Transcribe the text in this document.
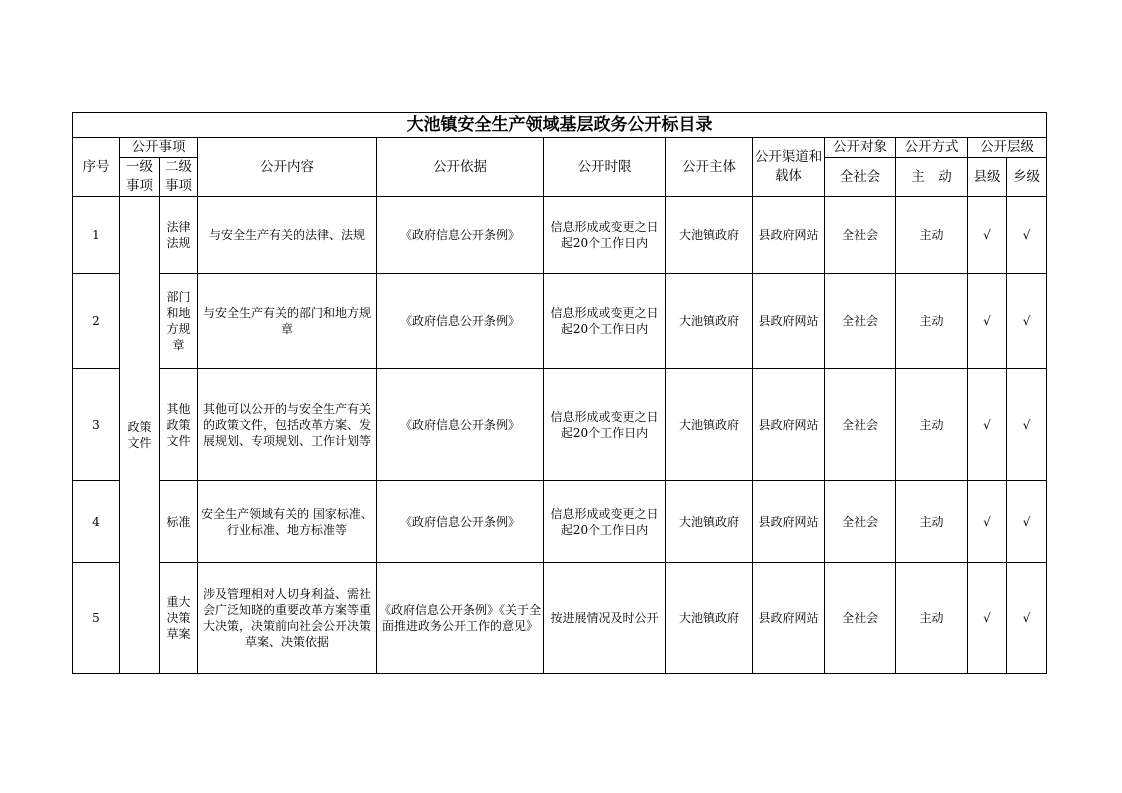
大池镇安全生产领域基层政务公开标目录											
序号	公开事项		公开内容	公开依据	公开时限	公开主体	公开渠道和载体	公开对象	公开方式	公开层级	
	一级事项	二级事项						全社会	主　动	县级	乡级
1	政策文件	法律法规	与安全生产有关的法律、法规	《政府信息公开条例》	信息形成或变更之日起20个工作日内	大池镇政府	县政府网站	全社会	主动	√	√
2		部门和地方规章	与安全生产有关的部门和地方规章	《政府信息公开条例》	信息形成或变更之日起20个工作日内	大池镇政府	县政府网站	全社会	主动	√	√
3		其他政策文件	其他可以公开的与安全生产有关的政策文件，包括改革方案、发展规划、专项规划、工作计划等	《政府信息公开条例》	信息形成或变更之日起20个工作日内	大池镇政府	县政府网站	全社会	主动	√	√
4		标准	安全生产领域有关的 国家标准、行业标准、地方标准等	《政府信息公开条例》	信息形成或变更之日起20个工作日内	大池镇政府	县政府网站	全社会	主动	√	√
5		重大决策草案	涉及管理相对人切身利益、需社会广泛知晓的重要改革方案等重大决策，决策前向社会公开决策草案、决策依据	《政府信息公开条例》《关于全面推进政务公开工作的意见》	按进展情况及时公开	大池镇政府	县政府网站	全社会	主动	√	√
